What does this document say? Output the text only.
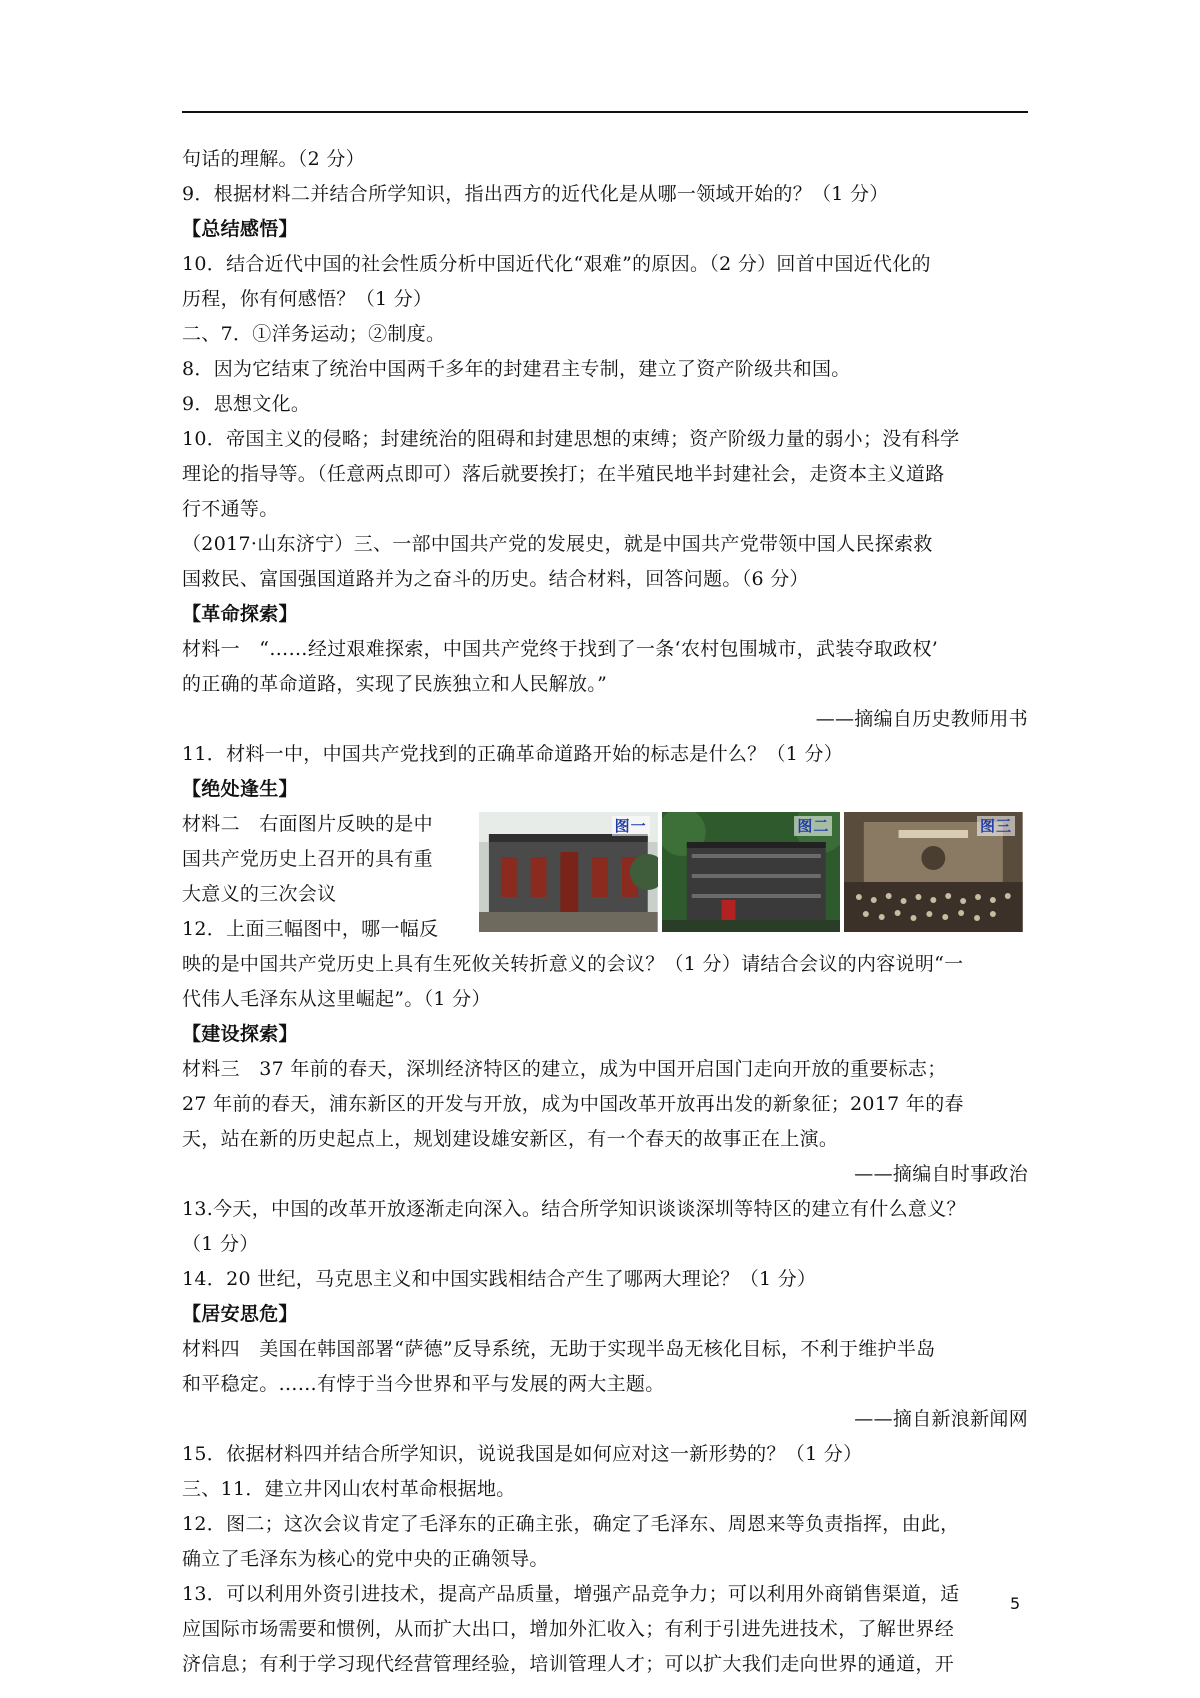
句话的理解。（2 分）
9．根据材料二并结合所学知识，指出西方的近代化是从哪一领域开始的？（1 分）
【总结感悟】
10．结合近代中国的社会性质分析中国近代化“艰难”的原因。（2 分）回首中国近代化的
历程，你有何感悟？（1 分）
二、7．①洋务运动；②制度。
8．因为它结束了统治中国两千多年的封建君主专制，建立了资产阶级共和国。
9．思想文化。
10．帝国主义的侵略；封建统治的阻碍和封建思想的束缚；资产阶级力量的弱小；没有科学
理论的指导等。（任意两点即可）落后就要挨打；在半殖民地半封建社会，走资本主义道路
行不通等。
（2017·山东济宁）三、一部中国共产党的发展史，就是中国共产党带领中国人民探索救
国救民、富国强国道路并为之奋斗的历史。结合材料，回答问题。（6 分）
【革命探索】
材料一　“……经过艰难探索，中国共产党终于找到了一条‘农村包围城市，武装夺取政权’
的正确的革命道路，实现了民族独立和人民解放。”
——摘编自历史教师用书
11．材料一中，中国共产党找到的正确革命道路开始的标志是什么？（1 分）
【绝处逢生】
材料二　右面图片反映的是中
国共产党历史上召开的具有重
大意义的三次会议
12．上面三幅图中，哪一幅反
图一	图二	图三
映的是中国共产党历史上具有生死攸关转折意义的会议？（1 分）请结合会议的内容说明“一
代伟人毛泽东从这里崛起”。（1 分）
【建设探索】
材料三　37 年前的春天，深圳经济特区的建立，成为中国开启国门走向开放的重要标志；
27 年前的春天，浦东新区的开发与开放，成为中国改革开放再出发的新象征；2017 年的春
天，站在新的历史起点上，规划建设雄安新区，有一个春天的故事正在上演。
——摘编自时事政治
13.今天，中国的改革开放逐渐走向深入。结合所学知识谈谈深圳等特区的建立有什么意义？
（1 分）
14．20 世纪，马克思主义和中国实践相结合产生了哪两大理论？（1 分）
【居安思危】
材料四　美国在韩国部署“萨德”反导系统，无助于实现半岛无核化目标，不利于维护半岛
和平稳定。……有悖于当今世界和平与发展的两大主题。
——摘自新浪新闻网
15．依据材料四并结合所学知识，说说我国是如何应对这一新形势的？（1 分）
三、11．建立井冈山农村革命根据地。
12．图二；这次会议肯定了毛泽东的正确主张，确定了毛泽东、周恩来等负责指挥，由此，
确立了毛泽东为核心的党中央的正确领导。
13．可以利用外资引进技术，提高产品质量，增强产品竞争力；可以利用外商销售渠道，适
应国际市场需要和惯例，从而扩大出口，增加外汇收入；有利于引进先进技术，了解世界经
济信息；有利于学习现代经营管理经验，培训管理人才；可以扩大我们走向世界的通道，开
5
